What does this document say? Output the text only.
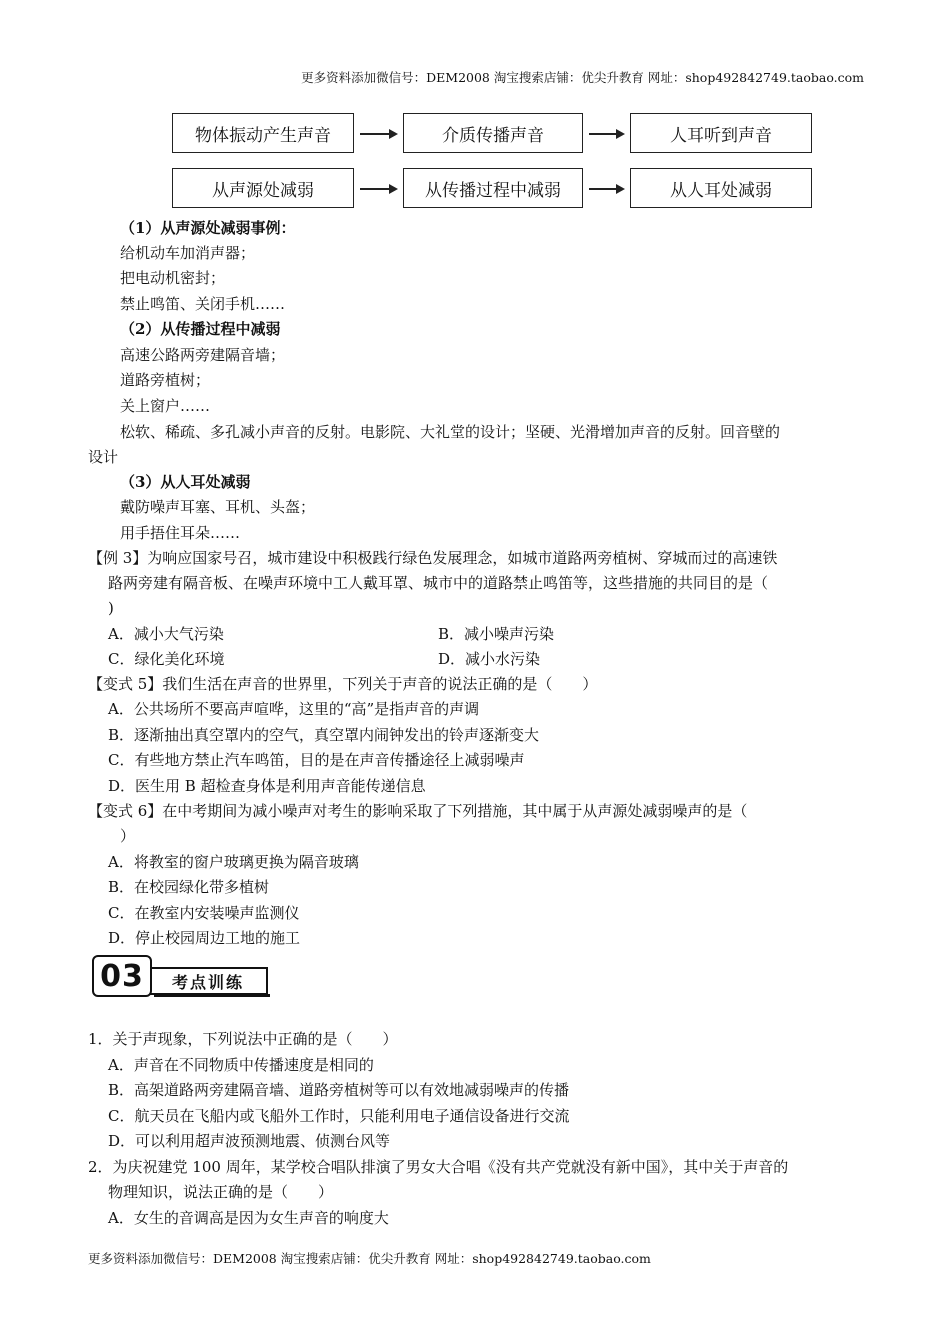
更多资料添加微信号：DEM2008 淘宝搜索店铺：优尖升教育 网址：shop492842749.taobao.com
物体振动产生声音	介质传播声音	人耳听到声音
从声源处减弱	从传播过程中减弱	从人耳处减弱
（1）从声源处减弱事例：
给机动车加消声器；
把电动机密封；
禁止鸣笛、关闭手机……
（2）从传播过程中减弱
高速公路两旁建隔音墙；
道路旁植树；
关上窗户……
松软、稀疏、多孔减小声音的反射。电影院、大礼堂的设计；坚硬、光滑增加声音的反射。回音壁的
设计
（3）从人耳处减弱
戴防噪声耳塞、耳机、头盔；
用手捂住耳朵……
【例 3】为响应国家号召，城市建设中积极践行绿色发展理念，如城市道路两旁植树、穿城而过的高速铁
路两旁建有隔音板、在噪声环境中工人戴耳罩、城市中的道路禁止鸣笛等，这些措施的共同目的是（
)
A．减小大气污染	B．减小噪声污染
C．绿化美化环境	D．减小水污染
【变式 5】我们生活在声音的世界里，下列关于声音的说法正确的是（　　）
A．公共场所不要高声喧哗，这里的“高”是指声音的声调
B．逐渐抽出真空罩内的空气，真空罩内闹钟发出的铃声逐渐变大
C．有些地方禁止汽车鸣笛，目的是在声音传播途径上减弱噪声
D．医生用 B 超检查身体是利用声音能传递信息
【变式 6】在中考期间为减小噪声对考生的影响采取了下列措施，其中属于从声源处减弱噪声的是（
）
A．将教室的窗户玻璃更换为隔音玻璃
B．在校园绿化带多植树
C．在教室内安装噪声监测仪
D．停止校园周边工地的施工
考点训练
03
1．关于声现象，下列说法中正确的是（　　）
A．声音在不同物质中传播速度是相同的
B．高架道路两旁建隔音墙、道路旁植树等可以有效地减弱噪声的传播
C．航天员在飞船内或飞船外工作时，只能利用电子通信设备进行交流
D．可以利用超声波预测地震、侦测台风等
2．为庆祝建党 100 周年，某学校合唱队排演了男女大合唱《没有共产党就没有新中国》，其中关于声音的
物理知识，说法正确的是（　　）
A．女生的音调高是因为女生声音的响度大
更多资料添加微信号：DEM2008 淘宝搜索店铺：优尖升教育 网址：shop492842749.taobao.com
